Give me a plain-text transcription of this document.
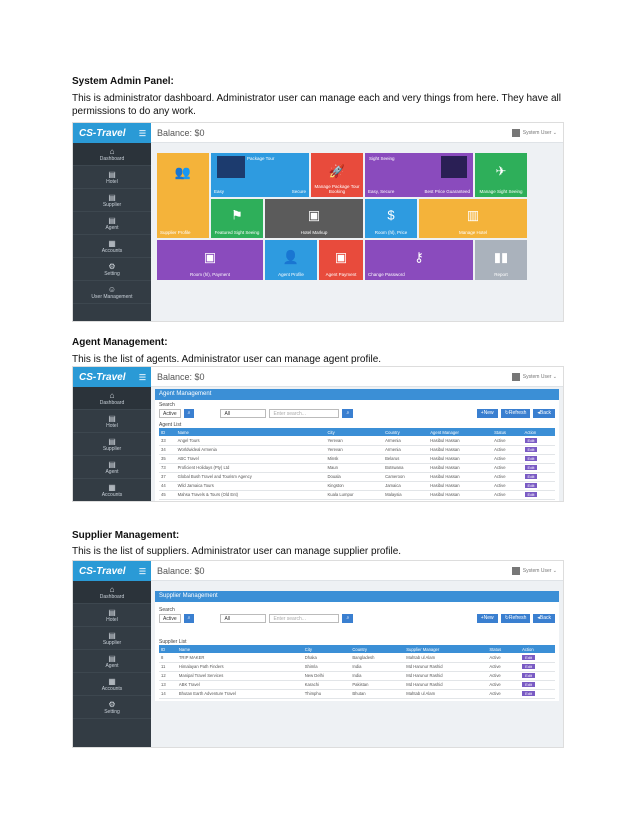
System Admin Panel:
This is administrator dashboard. Administrator user can manage each and very things from here. They have all permissions to do any work.
CS-Travel ☰
⌂
Dashboard
▤
Hotel
▤
Supplier
▤
Agent
▦
Accounts
⚙
Setting
☺
User Management
Balance: $0	System User ⌄
👥
Supplier Profile
Package Tour
Easy	Secure
🚀
Manage Package Tour Booking
Sight Seeing
Easy, Secure	Best Price Guaranteed
✈
Manage Sight Seeing
⚑
Featured Sight Seeing
▣
Hotel Markup
$
Room (hl), Price
▥
Manage Hotel
▣
Room (hl), Payment
👤
Agent Profile
▣
Agent Payment
⚷
Change Password
▮▮
Report
Agent Management:
This is the list of agents. Administrator user can manage agent profile.
CS-Travel ☰
⌂
Dashboard
▤
Hotel
▤
Supplier
▤
Agent
▦
Accounts
Balance: $0	System User ⌄
Agent Management
Search
Active	⌕	All	Enter search...	⌕	+New	↻Refresh	◂Back
Agent List
ID	Name	City	Country	Agent Manager	Status	Action
33	Angel Tours	Yerevan	Armenia	Hasibul Hassan	Active	Edit
34	Worldwideal Armenia	Yerevan	Armenia	Hasibul Hassan	Active	Edit
35	ABC Travel	Minsk	Belarus	Hasibul Hassan	Active	Edit
73	Proficient Holidays (Pty) Ltd	Maun	Botswana	Hasibul Hassan	Active	Edit
37	Global Bush Travel and Tourism Agency	Douala	Cameroon	Hasibul Hassan	Active	Edit
44	Wild Jamaica Tours	Kingston	Jamaica	Hasibul Hassan	Active	Edit
45	Mahsa Travels & Tours (Old Ent)	Kuala Lumpur	Malaysia	Hasibul Hassan	Active	Edit

Supplier Management:
This is the list of suppliers. Administrator user can manage supplier profile.
CS-Travel ☰
⌂
Dashboard
▤
Hotel
▤
Supplier
▤
Agent
▦
Accounts
⚙
Setting
Balance: $0	System User ⌄
Supplier Management
Search
Active	⌕	All	Enter search...	⌕	+New	↻Refresh	◂Back
Supplier List
ID	Name	City	Country	Supplier Manager	Status	Action
8	TRIP MAKER	Dhaka	Bangladesh	Mahtab ul Alam	Active	Edit
11	Himalayan Path Finders	Shimla	India	Md Harunur Rashid	Active	Edit
12	Manipal Travel Services	New Delhi	India	Md Harunur Rashid	Active	Edit
13	ABK Travel	Karachi	Pakistan	Md Harunur Rashid	Active	Edit
14	Bhutan Earth Adventure Travel	Thimphu	Bhutan	Mahtab ul Alam	Active	Edit
